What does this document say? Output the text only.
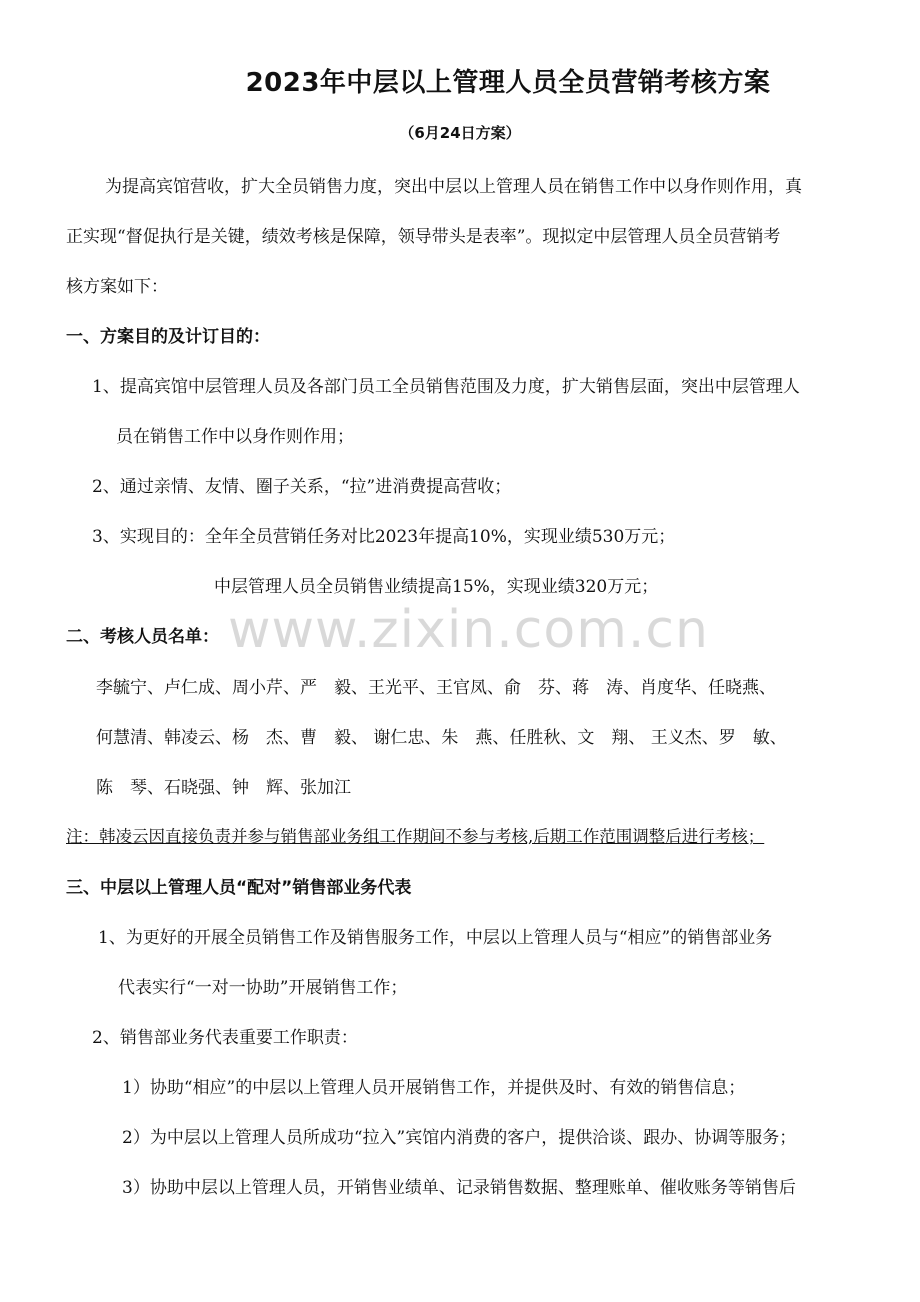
www.zixin.com.cn
2023年中层以上管理人员全员营销考核方案
（6月24日方案）
为提高宾馆营收，扩大全员销售力度，突出中层以上管理人员在销售工作中以身作则作用，真
正实现“督促执行是关键，绩效考核是保障，领导带头是表率”。现拟定中层管理人员全员营销考
核方案如下：
一、方案目的及计订目的：
1、提高宾馆中层管理人员及各部门员工全员销售范围及力度，扩大销售层面，突出中层管理人
员在销售工作中以身作则作用；
2、通过亲情、友情、圈子关系，“拉”进消费提高营收；
3、实现目的：全年全员营销任务对比2023年提高10%，实现业绩530万元；
中层管理人员全员销售业绩提高15%，实现业绩320万元；
二、考核人员名单：
李毓宁、卢仁成、周小芹、严　毅、王光平、王官凤、俞　芬、蒋　涛、肖度华、任晓燕、
何慧清、韩凌云、杨　杰、曹　毅、 谢仁忠、朱　燕、任胜秋、文　翔、 王义杰、罗　敏、
陈　琴、石晓强、钟　辉、张加江
注：韩凌云因直接负责并参与销售部业务组工作期间不参与考核,后期工作范围调整后进行考核；
三、中层以上管理人员“配对”销售部业务代表
1、为更好的开展全员销售工作及销售服务工作，中层以上管理人员与“相应”的销售部业务
代表实行“一对一协助”开展销售工作；
2、销售部业务代表重要工作职责：
1）协助“相应”的中层以上管理人员开展销售工作，并提供及时、有效的销售信息；
2）为中层以上管理人员所成功“拉入”宾馆内消费的客户，提供洽谈、跟办、协调等服务；
3）协助中层以上管理人员，开销售业绩单、记录销售数据、整理账单、催收账务等销售后
